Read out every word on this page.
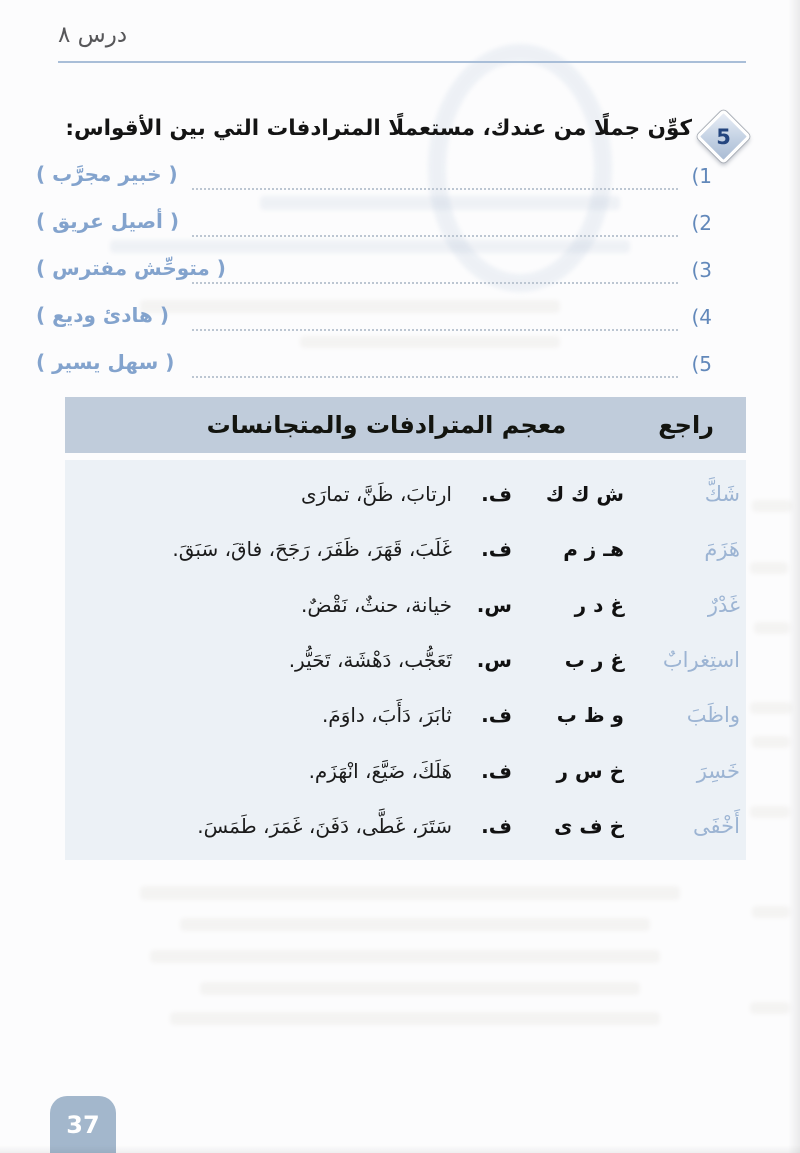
درس ٨
5
كوِّن جملًا من عندك، مستعملًا المترادفات التي بين الأقواس:
(1
( خبير مجرَّب )
(2
( أصيل عريق )
(3
( متوحِّش مفترس )
(4
( هادئ وديع )
(5
( سهل يسير )
راجع
معجم المترادفات والمتجانسات
شَكَّ
ش ك ك
ف.
ارتابَ، ظَنَّ، تمارَى
هَزَمَ
هـ ز م
ف.
غَلَبَ، قَهَرَ، ظَفَرَ، رَجَحَ، فاقَ، سَبَقَ.
غَدْرٌ
غ د ر
س.
خيانة، حنثٌ، نَقْضٌ.
استِغرابٌ
غ ر ب
س.
تَعَجُّب، دَهْشَة، تَحَيُّر.
واظَبَ
و ظ ب
ف.
ثابَرَ، دَأَبَ، داوَمَ.
خَسِرَ
خ س ر
ف.
هَلَكَ، ضَيَّعَ، انْهَزَم.
أَخْفَى
خ ف ى
ف.
سَتَرَ، غَطَّى، دَفَنَ، غَمَرَ، طَمَسَ.
37
